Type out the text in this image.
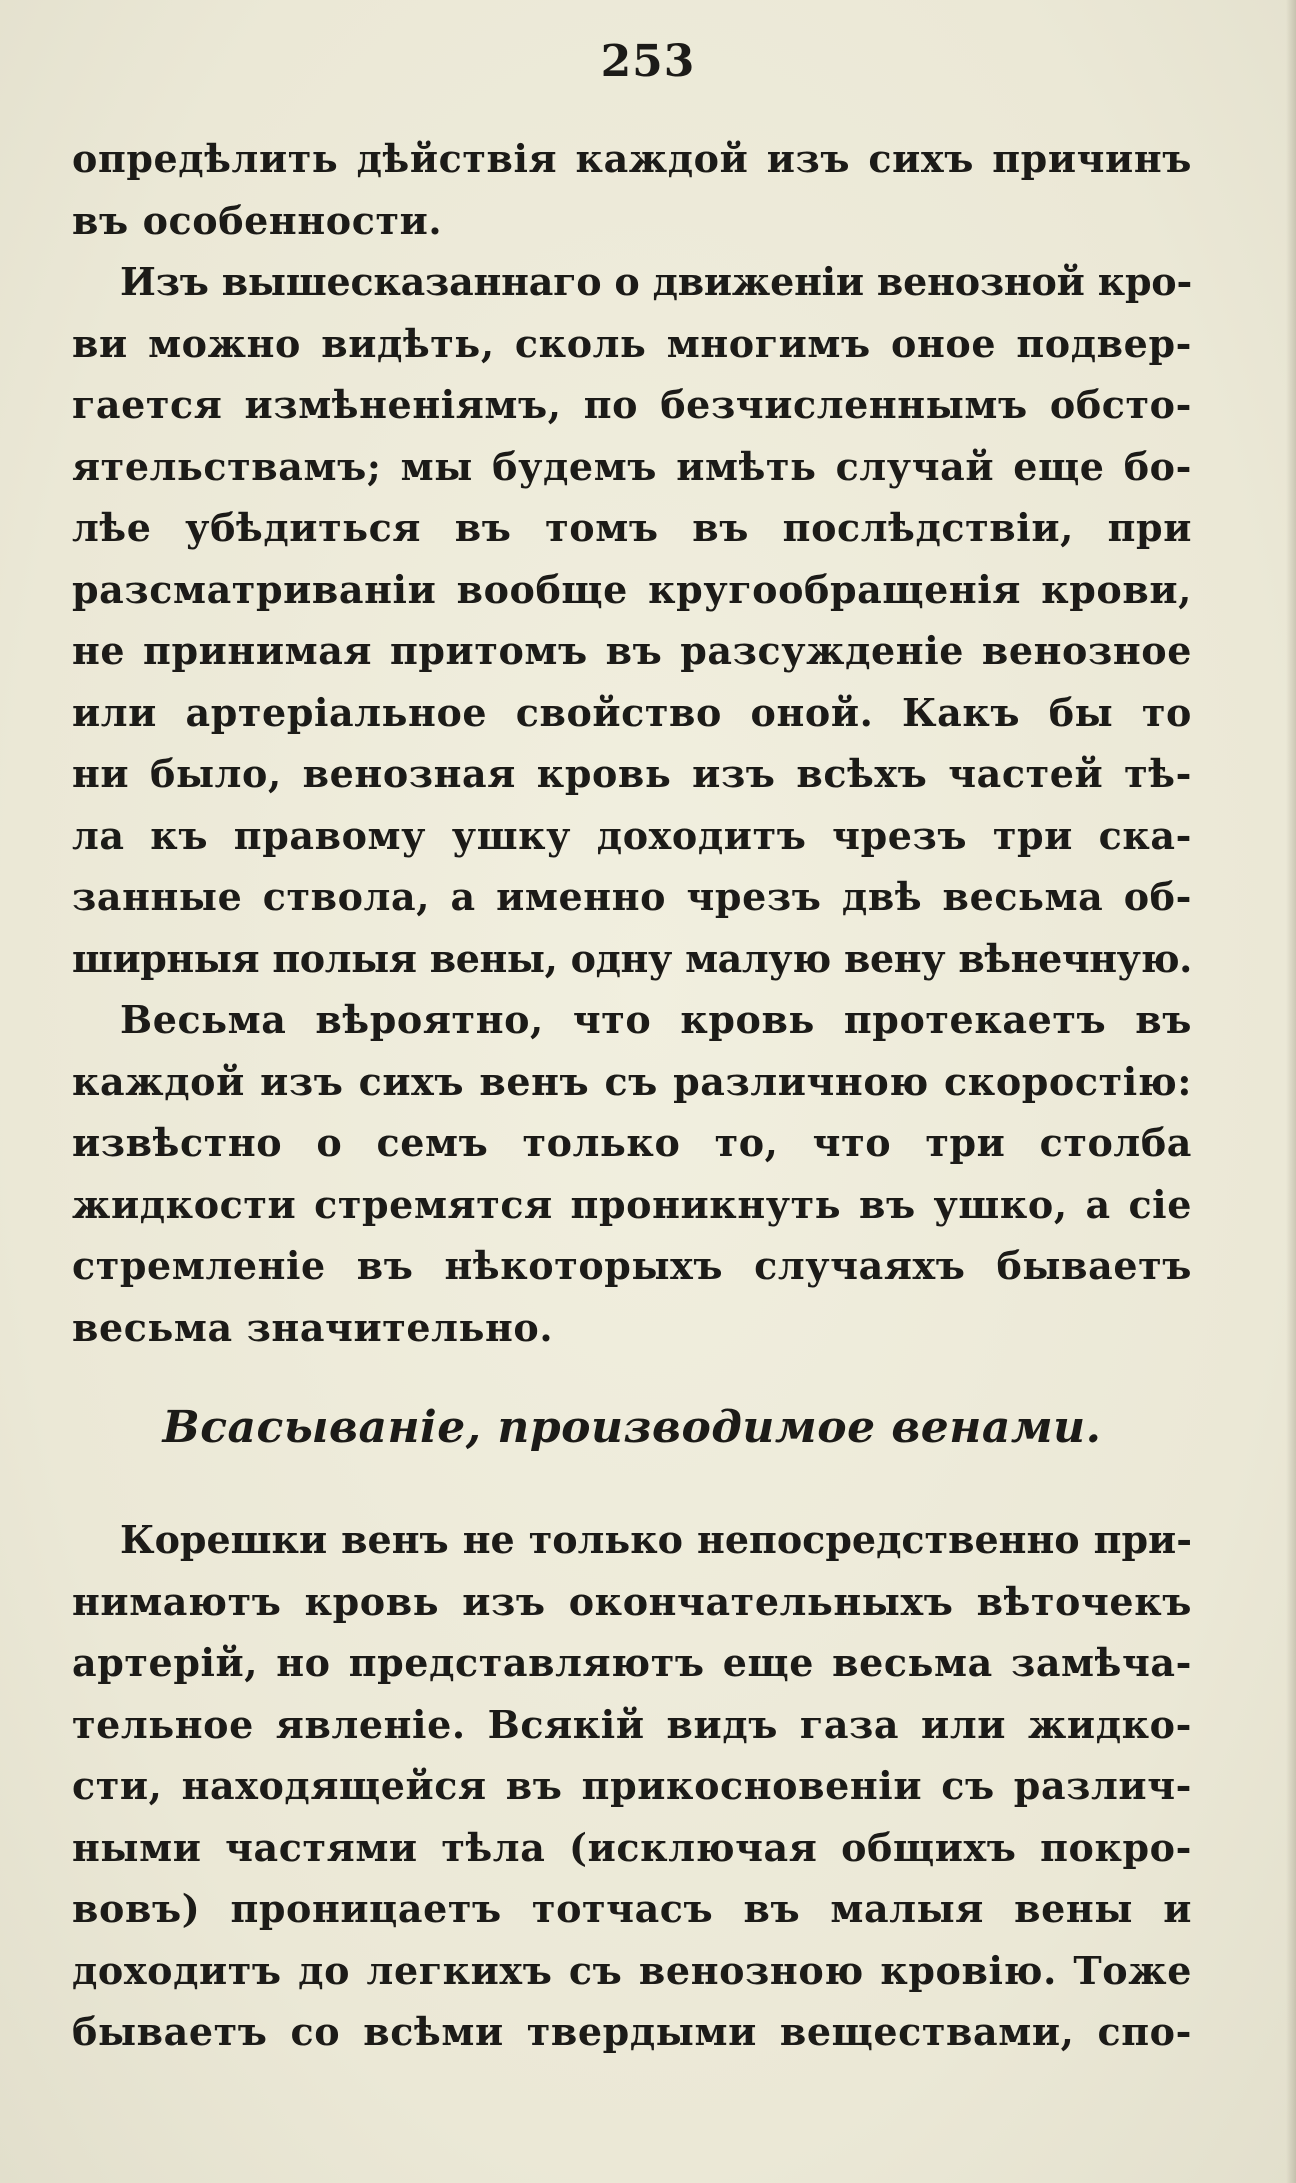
253
опредѣлить дѣйствія каждой изъ сихъ причинъ
въ особенности.
Изъ вышесказаннаго о движеніи венозной кро-
ви можно видѣть, сколь многимъ оное подвер-
гается измѣненіямъ, по безчисленнымъ обсто-
ятельствамъ; мы будемъ имѣть случай еще бо-
лѣе убѣдиться въ томъ въ послѣдствіи, при
разсматриваніи вообще кругообращенія крови,
не принимая притомъ въ разсужденіе венозное
или артеріальное свойство оной. Какъ бы то
ни было, венозная кровь изъ всѣхъ частей тѣ-
ла къ правому ушку доходитъ чрезъ три ска-
занные ствола, а именно чрезъ двѣ весьма об-
ширныя полыя вены, одну малую вену вѣнечную.
Весьма вѣроятно, что кровь протекаетъ въ
каждой изъ сихъ венъ съ различною скоростію:
извѣстно о семъ только то, что три столба
жидкости стремятся проникнуть въ ушко, а сіе
стремленіе въ нѣкоторыхъ случаяхъ бываетъ
весьма значительно.
Всасываніе, производимое венами.
Корешки венъ не только непосредственно при-
нимаютъ кровь изъ окончательныхъ вѣточекъ
артерій, но представляютъ еще весьма замѣча-
тельное явленіе. Всякій видъ газа или жидко-
сти, находящейся въ прикосновеніи съ различ-
ными частями тѣла (исключая общихъ покро-
вовъ) проницаетъ тотчасъ въ малыя вены и
доходитъ до легкихъ съ венозною кровію. Тоже
бываетъ со всѣми твердыми веществами, спо-
